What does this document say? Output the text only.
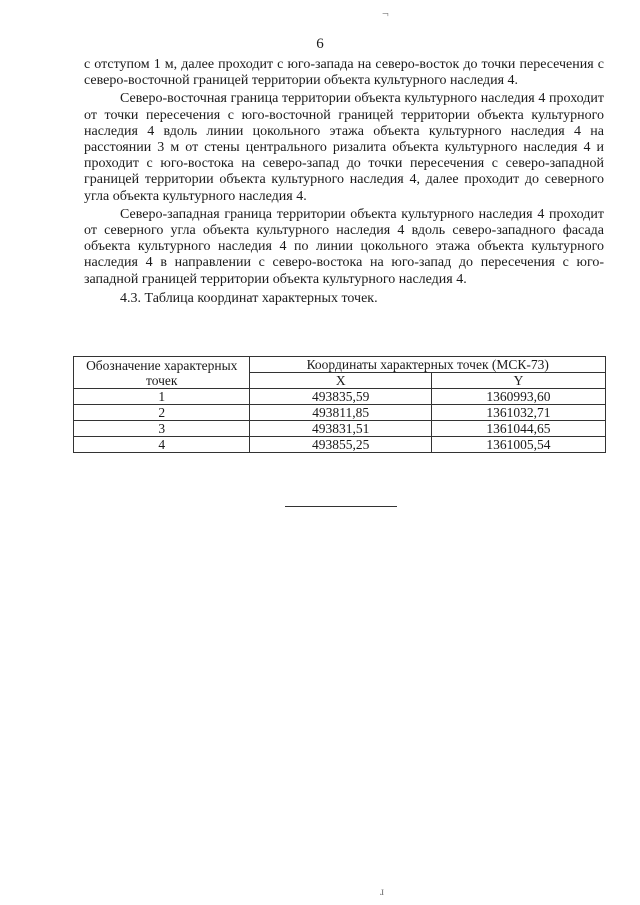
¬
6

с отступом 1 м, далее проходит с юго-запада на северо-восток до точки пересечения с северо-восточной границей территории объекта культурного наследия 4.

Северо-восточная граница территории объекта культурного наследия 4 проходит от точки пересечения с юго-восточной границей территории объекта культурного наследия 4 вдоль линии цокольного этажа объекта культурного наследия 4 на расстоянии 3 м от стены центрального ризалита объекта культурного наследия 4 и проходит с юго-востока на северо-запад до точки пересечения с северо-западной границей территории объекта культурного наследия 4, далее проходит до северного угла объекта культурного наследия 4.

Северо-западная граница территории объекта культурного наследия 4 проходит от северного угла объекта культурного наследия 4 вдоль северо-западного фасада объекта культурного наследия 4 по линии цокольного этажа объекта культурного наследия 4 в направлении с северо-востока на юго-запад до пересечения с юго-западной границей территории объекта культурного наследия 4.

4.3. Таблица координат характерных точек.

Обозначение характерных точек	Координаты характерных точек (МСК-73)	
	X	Y
1	493835,59	1360993,60
2	493811,85	1361032,71
3	493831,51	1361044,65
4	493855,25	1361005,54
ɹ
